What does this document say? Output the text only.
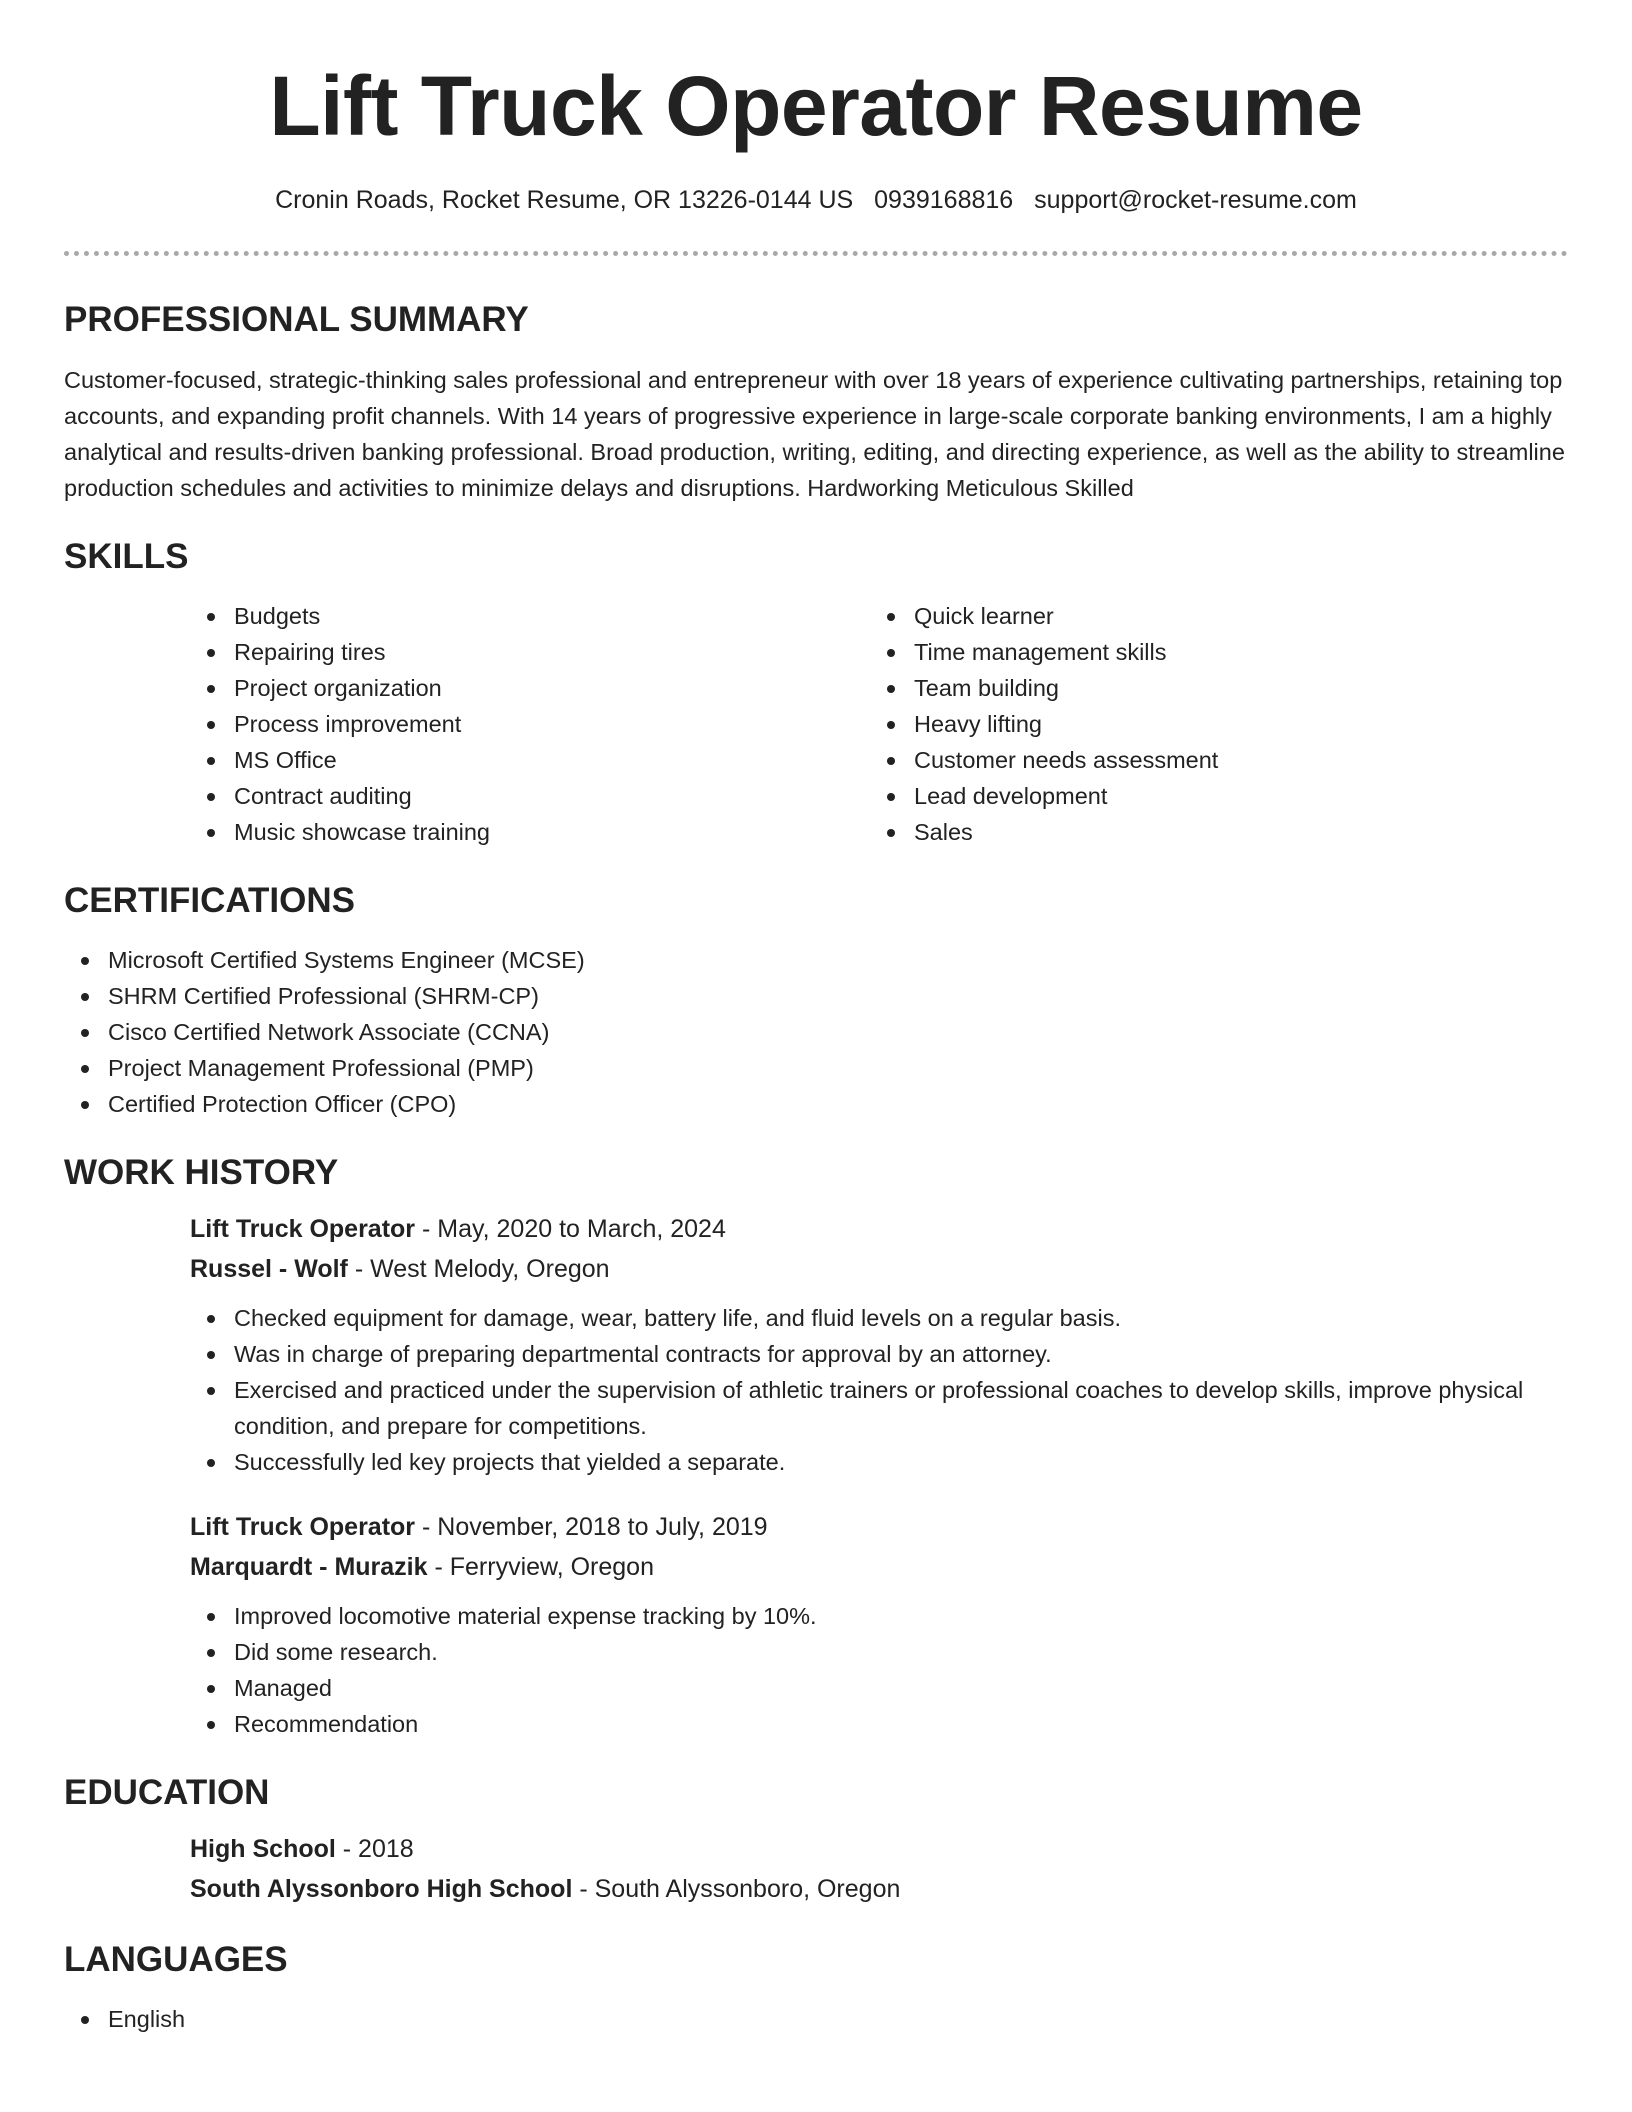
Lift Truck Operator Resume
Cronin Roads, Rocket Resume, OR 13226-0144 US 0939168816 support@rocket-resume.com
PROFESSIONAL SUMMARY

Customer-focused, strategic-thinking sales professional and entrepreneur with over 18 years of experience cultivating partnerships, retaining top accounts, and expanding profit channels. With 14 years of progressive experience in large-scale corporate banking environments, I am a highly analytical and results-driven banking professional. Broad production, writing, editing, and directing experience, as well as the ability to streamline production schedules and activities to minimize delays and disruptions. Hardworking Meticulous Skilled

SKILLS
Budgets
Repairing tires
Project organization
Process improvement
MS Office
Contract auditing
Music showcase training
Quick learner
Time management skills
Team building
Heavy lifting
Customer needs assessment
Lead development
Sales
CERTIFICATIONS
Microsoft Certified Systems Engineer (MCSE)
SHRM Certified Professional (SHRM-CP)
Cisco Certified Network Associate (CCNA)
Project Management Professional (PMP)
Certified Protection Officer (CPO)
WORK HISTORY
Lift Truck Operator - May, 2020 to March, 2024
Russel - Wolf - West Melody, Oregon
Checked equipment for damage, wear, battery life, and fluid levels on a regular basis.
Was in charge of preparing departmental contracts for approval by an attorney.
Exercised and practiced under the supervision of athletic trainers or professional coaches to develop skills, improve physical condition, and prepare for competitions.
Successfully led key projects that yielded a separate.
Lift Truck Operator - November, 2018 to July, 2019
Marquardt - Murazik - Ferryview, Oregon
Improved locomotive material expense tracking by 10%.
Did some research.
Managed
Recommendation
EDUCATION
High School - 2018
South Alyssonboro High School - South Alyssonboro, Oregon
LANGUAGES
English
